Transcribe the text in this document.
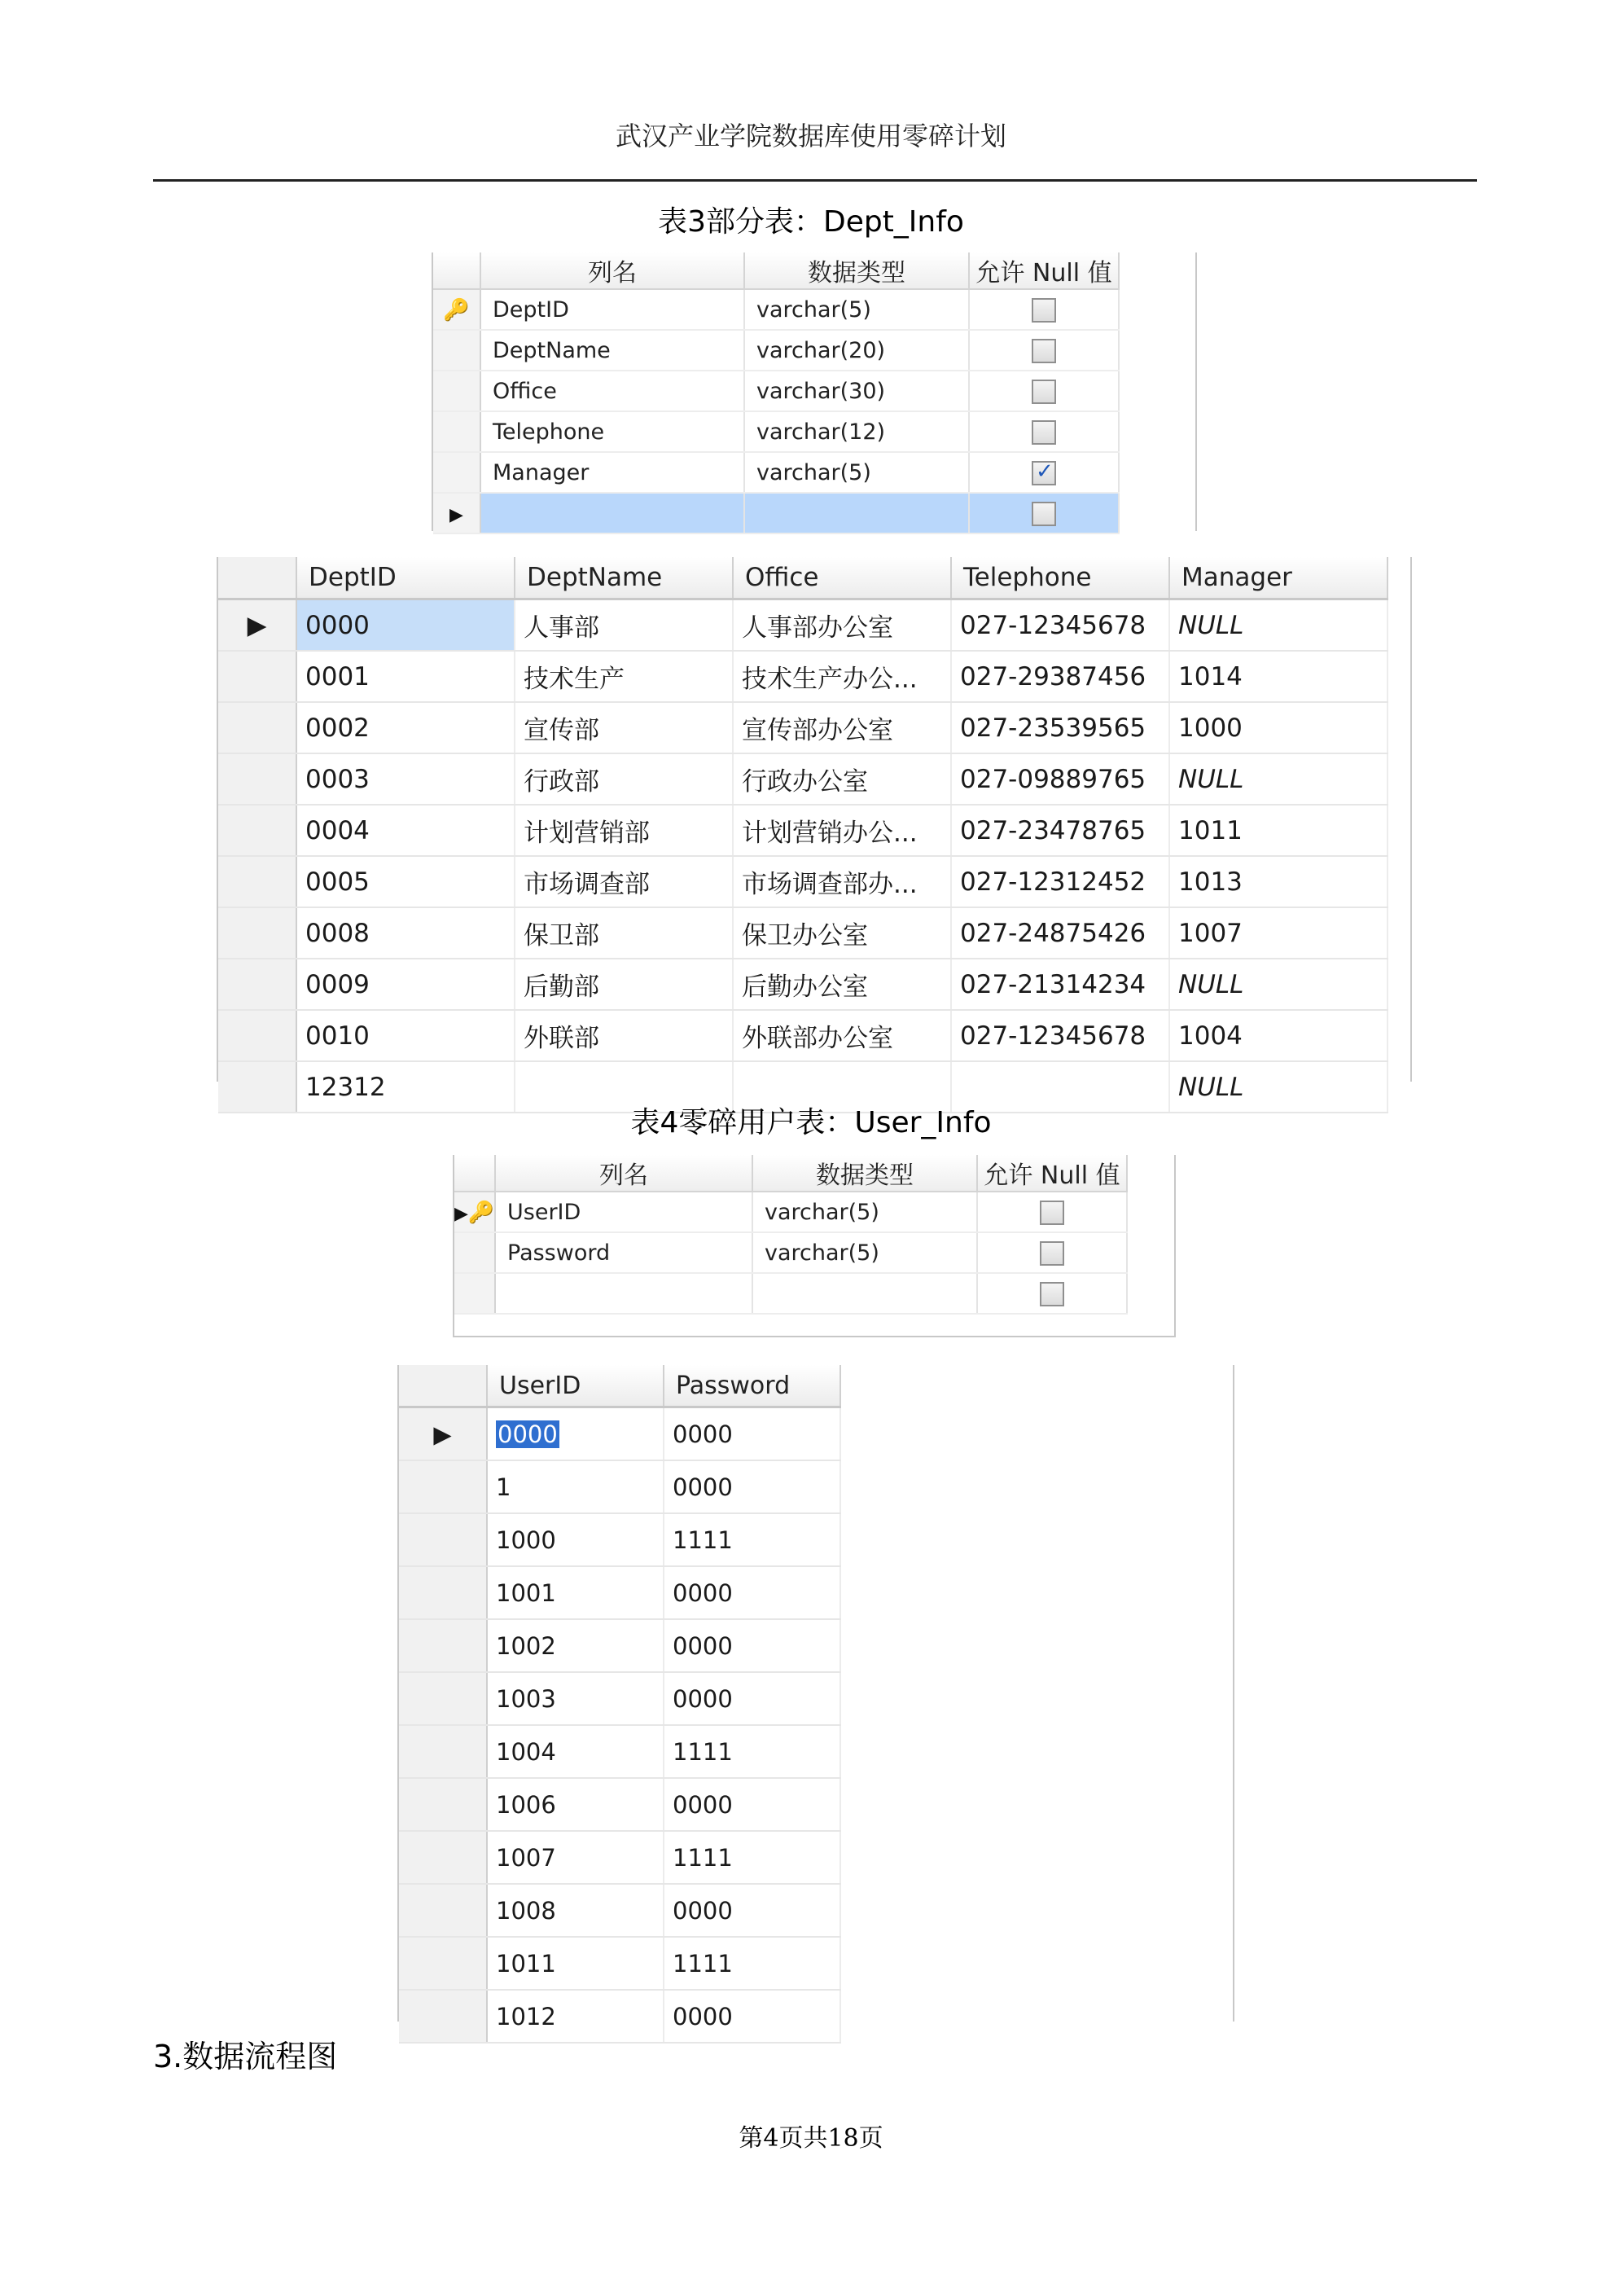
武汉产业学院数据库使用零碎计划
表3部分表：Dept_Info
	列名	数据类型	允许 Null 值	
🔑	DeptID	varchar(5)		
	DeptName	varchar(20)		
	Office	varchar(30)		
	Telephone	varchar(12)		
	Manager	varchar(5)	✓	
▶				
	DeptID	DeptName	Office	Telephone	Manager
▶	0000	人事部	人事部办公室	027-12345678	NULL
	0001	技术生产	技术生产办公...	027-29387456	1014
	0002	宣传部	宣传部办公室	027-23539565	1000
	0003	行政部	行政办公室	027-09889765	NULL
	0004	计划营销部	计划营销办公...	027-23478765	1011
	0005	市场调查部	市场调查部办...	027-12312452	1013
	0008	保卫部	保卫办公室	027-24875426	1007
	0009	后勤部	后勤办公室	027-21314234	NULL
	0010	外联部	外联部办公室	027-12345678	1004
	12312				NULL
表4零碎用户表：User_Info
	列名	数据类型	允许 Null 值	
▶🔑	UserID	varchar(5)		
	Password	varchar(5)		

	UserID	Password
▶	0000	0000
	1	0000
	1000	1111
	1001	0000
	1002	0000
	1003	0000
	1004	1111
	1006	0000
	1007	1111
	1008	0000
	1011	1111
	1012	0000
3.数据流程图
第4页共18页
